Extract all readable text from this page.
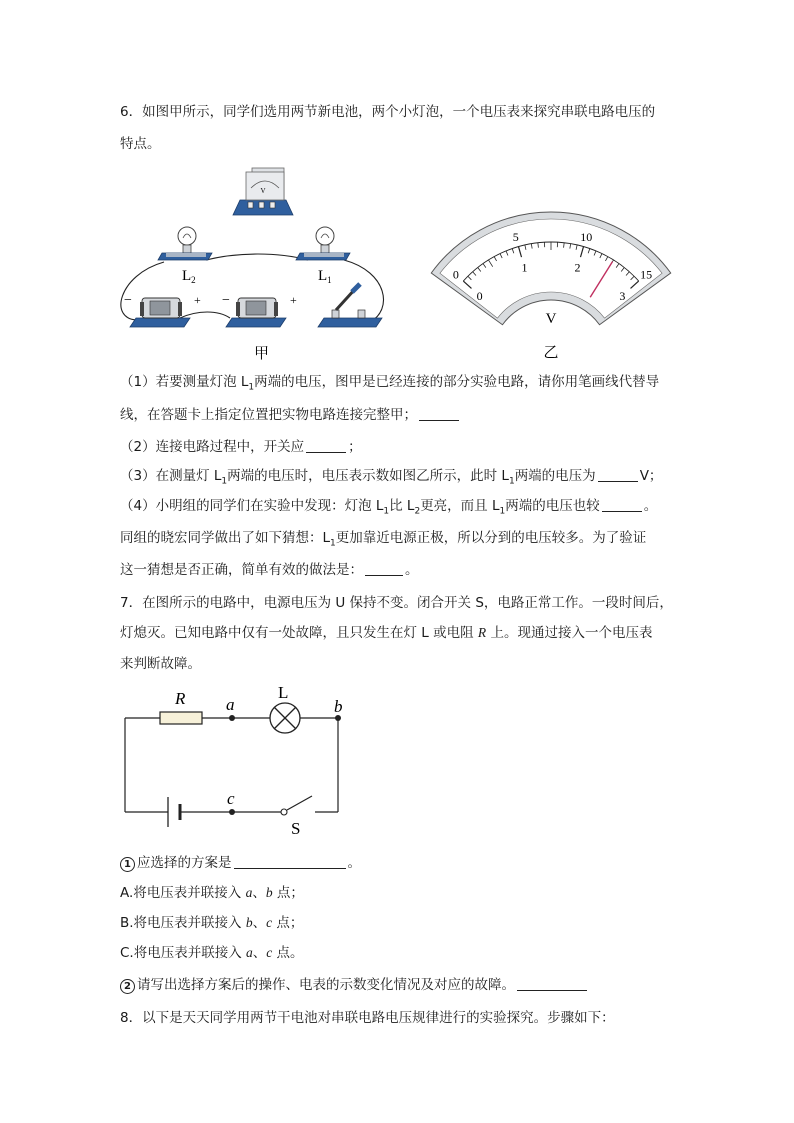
6．如图甲所示，同学们选用两节新电池，两个小灯泡，一个电压表来探究串联电路电压的
特点。
V
$L_2$	$L_1$
−	+ −	+
甲
0
5	10
15
0
1	2
3
V
乙
（1）若要测量灯泡 $L_1$两端的电压，图甲是已经连接的部分实验电路，请你用笔画线代替导
线，在答题卡上指定位置把实物电路连接完整甲；
（2）连接电路过程中，开关应	；
（3）在测量灯 $L_1$两端的电压时，电压表示数如图乙所示，此时 $L_1$两端的电压为	V；
（4）小明组的同学们在实验中发现：灯泡 $L_1$比 $L_2$更亮，而且 $L_1$两端的电压也较	。
同组的晓宏同学做出了如下猜想：$L_1$更加靠近电源正极，所以分到的电压较多。为了验证
这一猜想是否正确，简单有效的做法是：	。
7．在图所示的电路中，电源电压为 U 保持不变。闭合开关 S，电路正常工作。一段时间后，
灯熄灭。已知电路中仅有一处故障，且只发生在灯 L 或电阻 R 上。现通过接入一个电压表
来判断故障。
R a
L
b
c
S
1 应选择的方案是	。
A.将电压表并联接入 a、b 点；
B.将电压表并联接入 b、c 点；
C.将电压表并联接入 a、c 点。
2 请写出选择方案后的操作、电表的示数变化情况及对应的故障。
8．以下是天天同学用两节干电池对串联电路电压规律进行的实验探究。步骤如下：
